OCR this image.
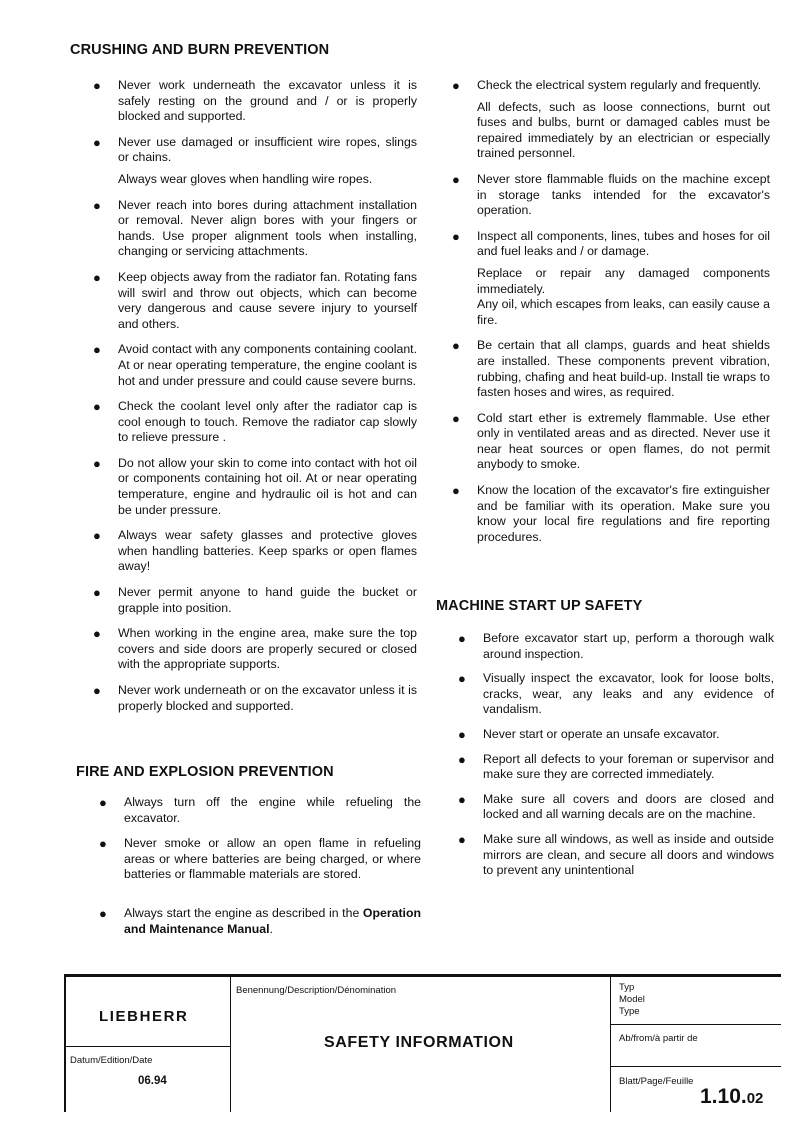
CRUSHING AND BURN PREVENTION
● Never work underneath the excavator unless it is safely resting on the ground and / or is properly blocked and supported.

● Never use damaged or insufficient wire ropes, slings or chains.

Always wear gloves when handling wire ropes.

● Never reach into bores during attachment installation or removal. Never align bores with your fingers or hands. Use proper alignment tools when installing, changing or servicing attachments.

● Keep objects away from the radiator fan. Rotating fans will swirl and throw out objects, which can become very dangerous and cause severe injury to yourself and others.

● Avoid contact with any components containing coolant. At or near operating temperature, the engine coolant is hot and under pressure and could cause severe burns.

● Check the coolant level only after the radiator cap is cool enough to touch. Remove the radiator cap slowly to relieve pressure .

● Do not allow your skin to come into contact with hot oil or components containing hot oil. At or near operating temperature, engine and hydraulic oil is hot and can be under pressure.

● Always wear safety glasses and protective gloves when handling batteries. Keep sparks or open flames away!

● Never permit anyone to hand guide the bucket or grapple into position.

● When working in the engine area, make sure the top covers and side doors are properly secured or closed with the appropriate supports.

● Never work underneath or on the excavator unless it is properly blocked and supported.

FIRE AND EXPLOSION PREVENTION
● Always turn off the engine while refueling the excavator.

● Never smoke or allow an open flame in refueling areas or where batteries are being charged, or where batteries or flammable materials are stored.

● Always start the engine as described in the Operation and Maintenance Manual.

● Check the electrical system regularly and frequently.

All defects, such as loose connections, burnt out fuses and bulbs, burnt or damaged cables must be repaired immediately by an electrician or especially trained personnel.

● Never store flammable fluids on the machine except in storage tanks intended for the excavator's operation.

● Inspect all components, lines, tubes and hoses for oil and fuel leaks and / or damage.

Replace or repair any damaged components immediately.
Any oil, which escapes from leaks, can easily cause a fire.

● Be certain that all clamps, guards and heat shields are installed. These components prevent vibration, rubbing, chafing and heat build-up. Install tie wraps to fasten hoses and wires, as required.

● Cold start ether is extremely flammable. Use ether only in ventilated areas and as directed. Never use it near heat sources or open flames, do not permit anybody to smoke.

● Know the location of the excavator's fire extinguisher and be familiar with its operation. Make sure you know your local fire regulations and fire reporting procedures.

MACHINE START UP SAFETY
● Before excavator start up, perform a thorough walk around inspection.

● Visually inspect the excavator, look for loose bolts, cracks, wear, any leaks and any evidence of vandalism.

● Never start or operate an unsafe excavator.

● Report all defects to your foreman or supervisor and make sure they are corrected immediately.

● Make sure all covers and doors are closed and locked and all warning decals are on the machine.

● Make sure all windows, as well as inside and outside mirrors are clean, and secure all doors and windows to prevent any unintentional

LIEBHERR
Datum/Edition/Date
06.94
Benennung/Description/Dénomination
SAFETY INFORMATION
Typ
Model
Type
Ab/from/à partir de
Blatt/Page/Feuille
1.10.02
